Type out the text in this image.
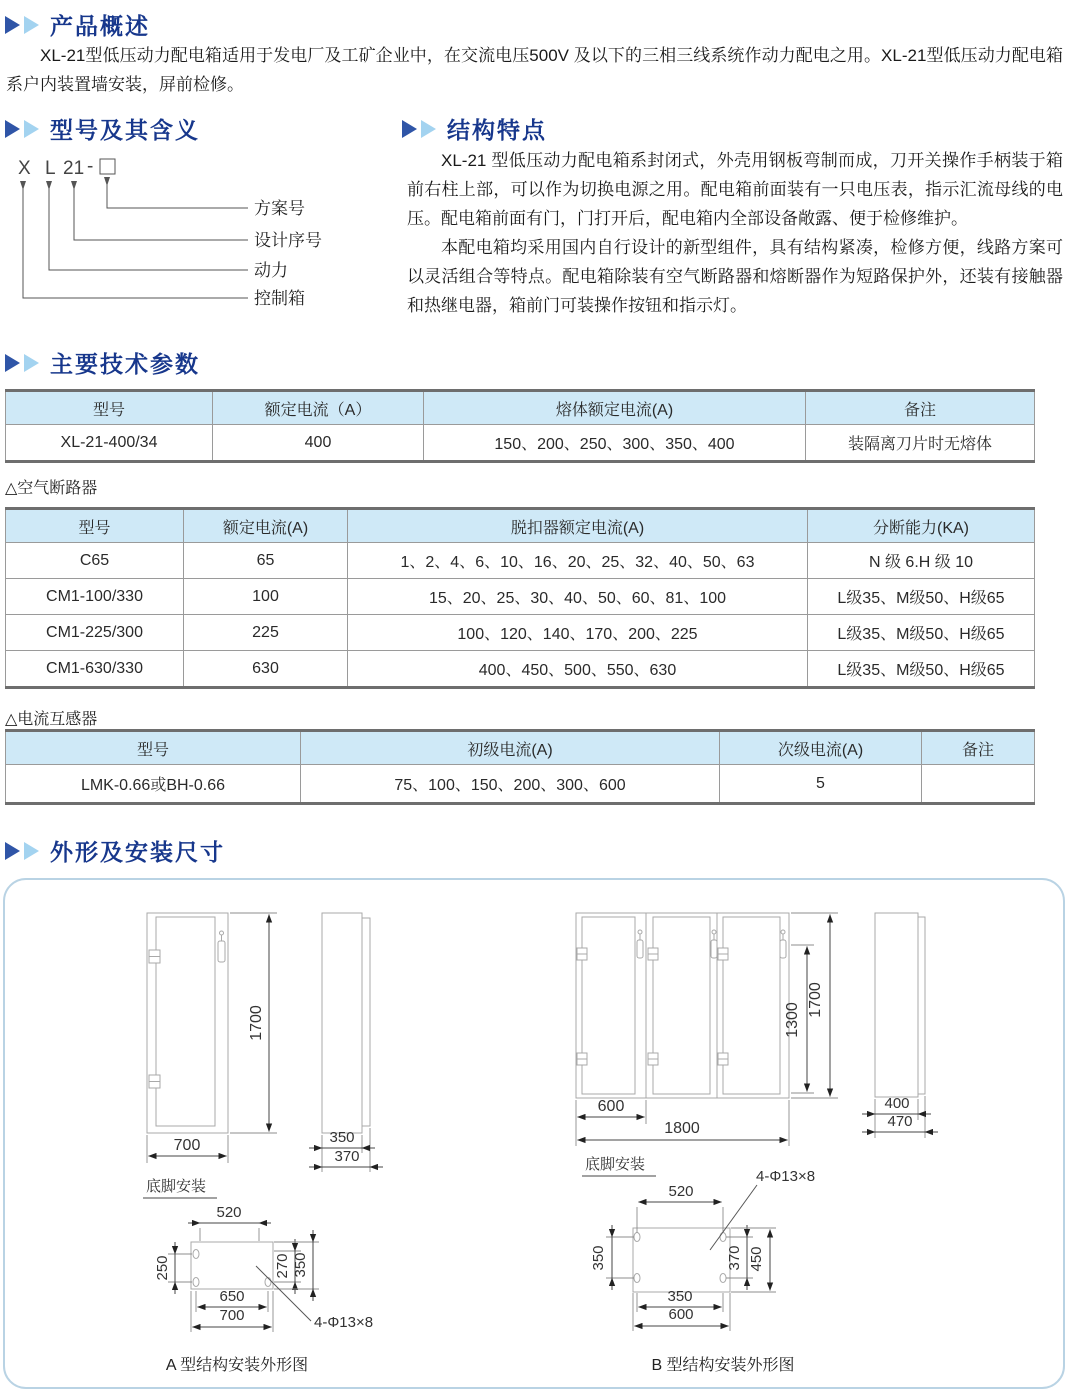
产品概述

XL-21型低压动力配电箱适用于发电厂及工矿企业中，在交流电压500V 及以下的三相三线系统作动力配电之用。XL-21型低压动力配电箱系户内装置墙安装，屏前检修。

型号及其含义
X L 21 -
方案号
设计序号
动力
控制箱
结构特点

XL-21 型低压动力配电箱系封闭式，外壳用钢板弯制而成，刀开关操作手柄装于箱前右柱上部，可以作为切换电源之用。配电箱前面装有一只电压表，指示汇流母线的电压。配电箱前面有门，门打开后，配电箱内全部设备敞露、便于检修维护。

本配电箱均采用国内自行设计的新型组件，具有结构紧凑，检修方便，线路方案可以灵活组合等特点。配电箱除装有空气断路器和熔断器作为短路保护外，还装有接触器和热继电器，箱前门可装操作按钮和指示灯。

主要技术参数
型号	额定电流（A）	熔体额定电流(A)	备注
XL-21-400/34	400	150、200、250、300、350、400	装隔离刀片时无熔体
△空气断路器
型号	额定电流(A)	脱扣器额定电流(A)	分断能力(KA)
C65	65	1、2、4、6、10、16、20、25、32、40、50、63	N 级 6.H 级 10
CM1-100/330	100	15、20、25、30、40、50、60、81、100	L级35、M级50、H级65
CM1-225/300	225	100、120、140、170、200、225	L级35、M级50、H级65
CM1-630/330	630	400、450、500、550、630	L级35、M级50、H级65
△电流互感器
型号	初级电流(A)	次级电流(A)	备注
LMK-0.66或BH-0.66	75、100、150、200、300、600	5	
外形及安装尺寸
1700
700
底脚安装
350
370
1300
1700
600
1800
底脚安装
400
470
520
250	270 350
650
700	4-Φ13×8
A 型结构安装外形图
520
350	370 450
350
600
4-Φ13×8
B 型结构安装外形图
